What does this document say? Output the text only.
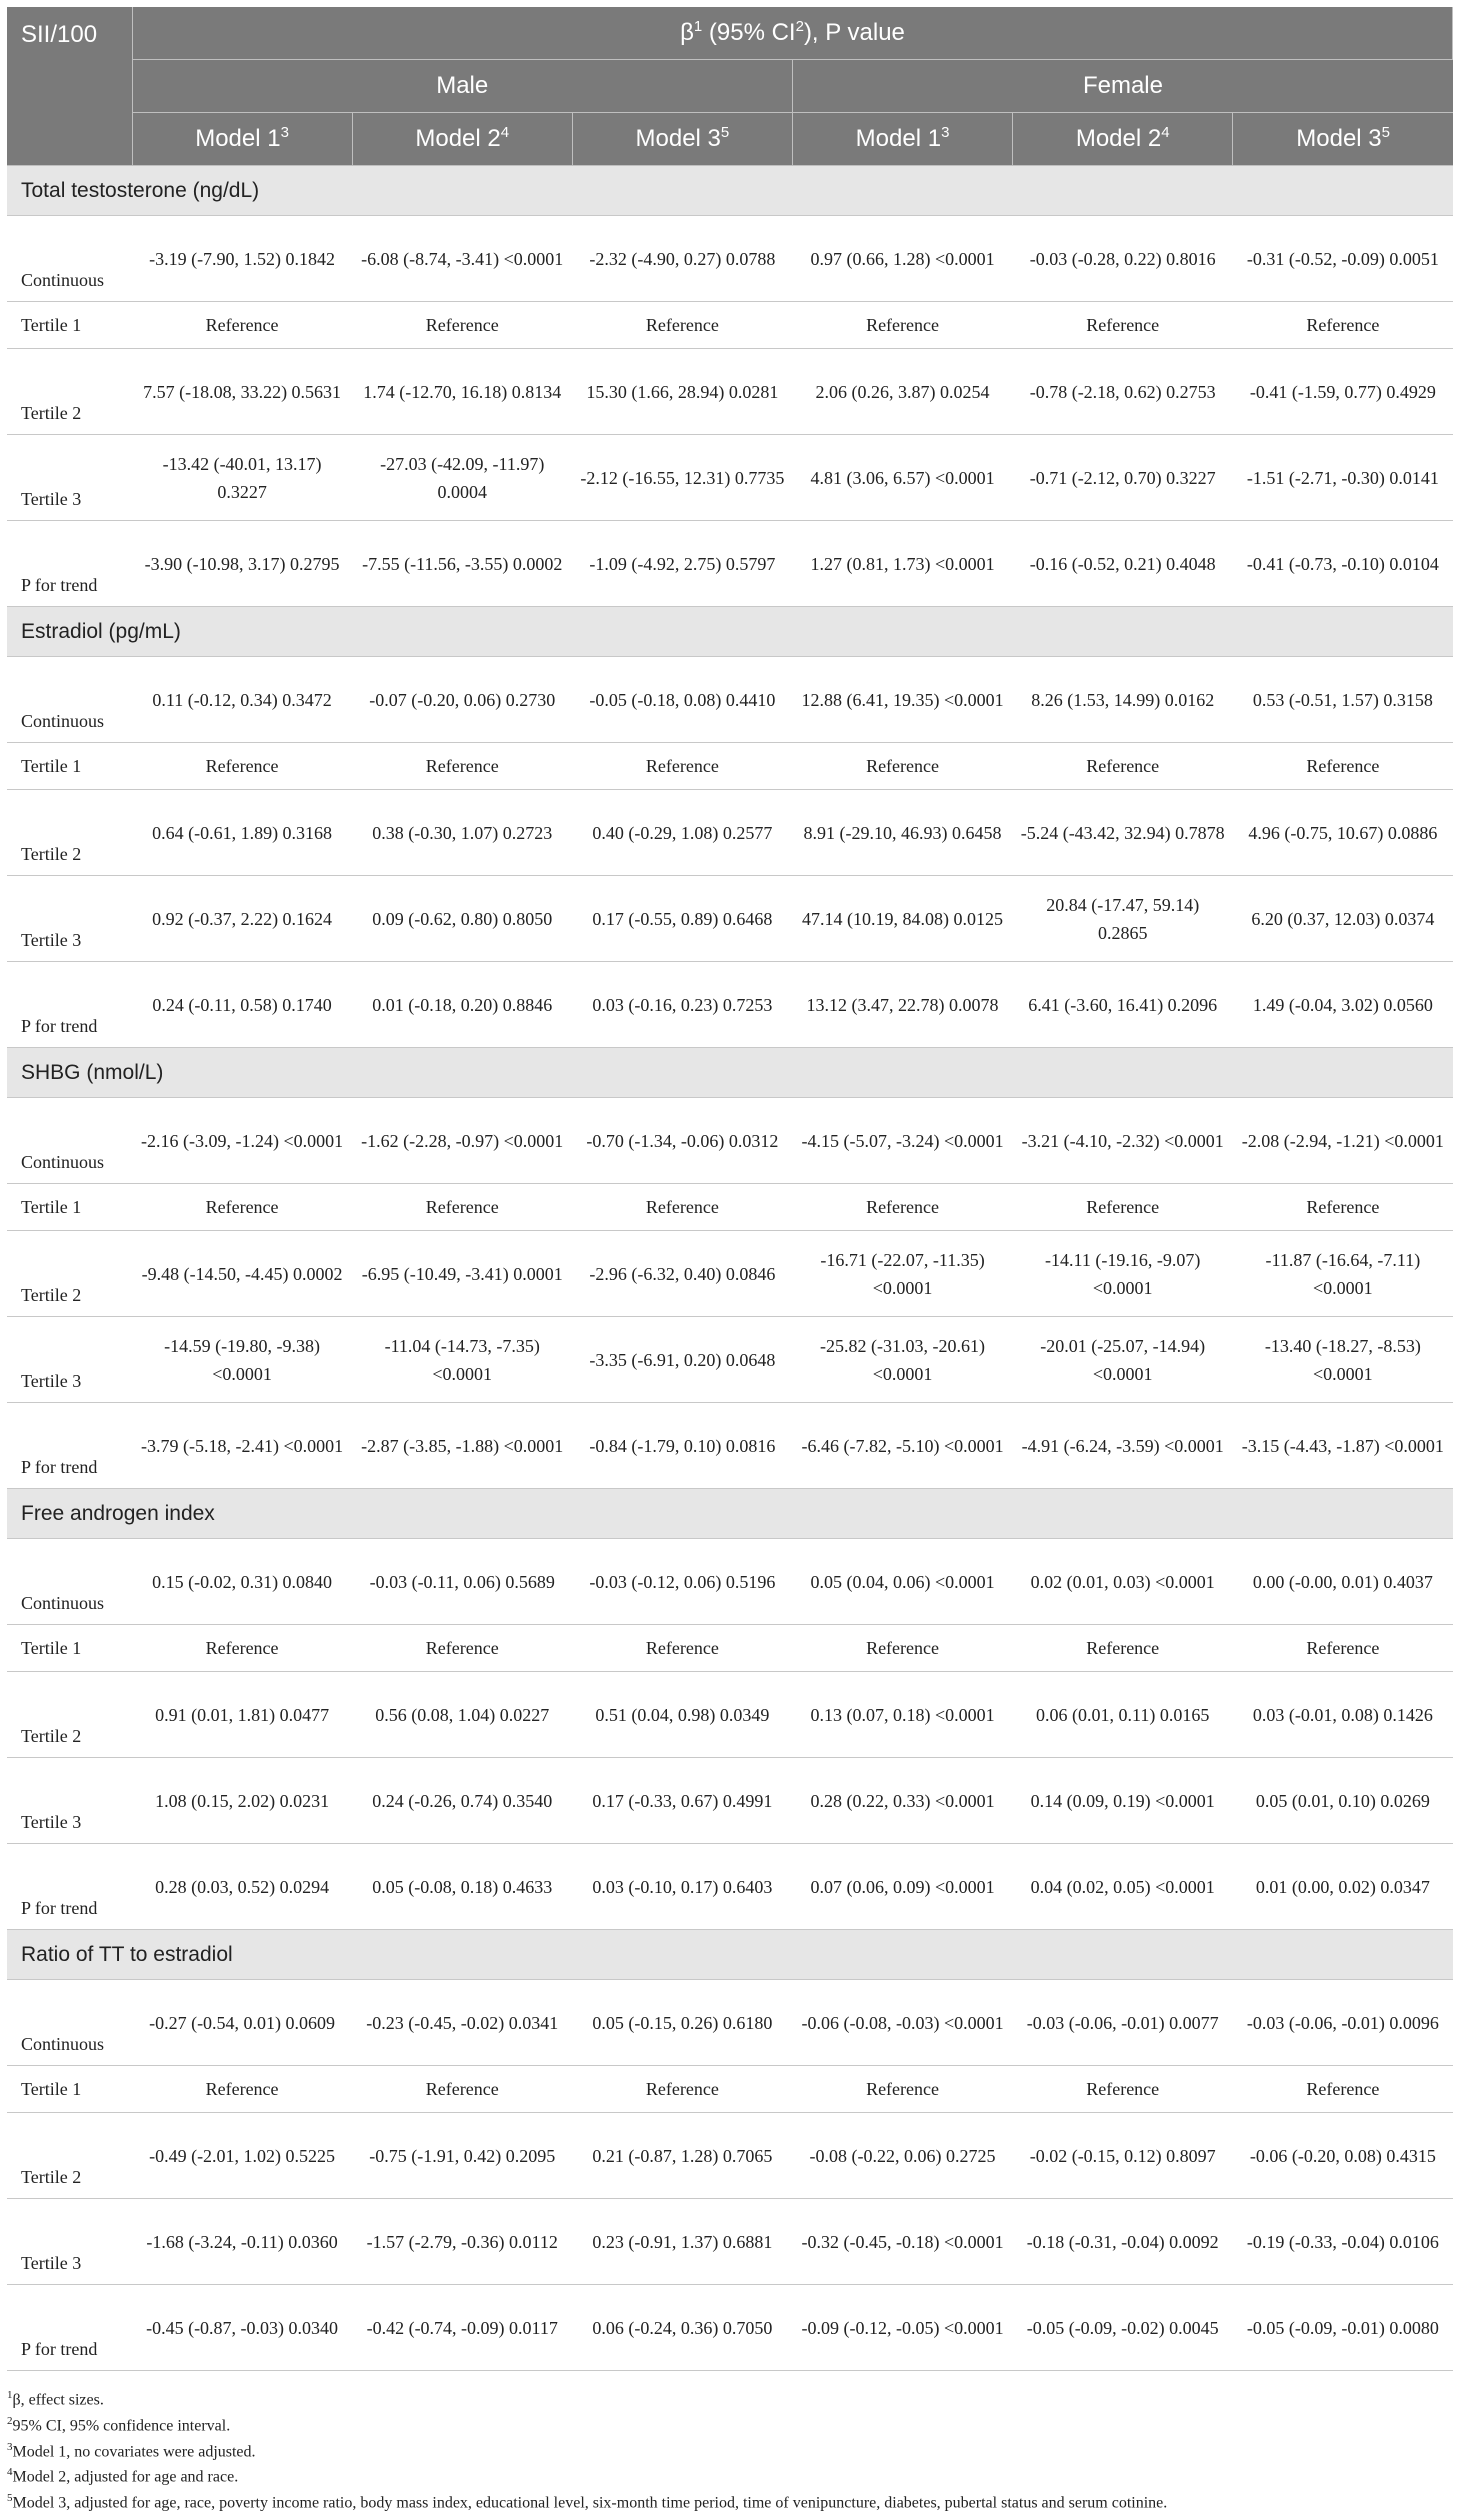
SII/100	$\beta^1$ (95% $CI^2$), P value					
	Male			Female		
	Model $1^3$	Model $2^4$	Model $3^5$	Model $1^3$	Model $2^4$	Model $3^5$
Total testosterone (ng/dL)						
Continuous	-3.19 (-7.90, 1.52) 0.1842	-6.08 (-8.74, -3.41) <0.0001	-2.32 (-4.90, 0.27) 0.0788	0.97 (0.66, 1.28) <0.0001	-0.03 (-0.28, 0.22) 0.8016	-0.31 (-0.52, -0.09) 0.0051
Tertile 1	Reference	Reference	Reference	Reference	Reference	Reference
Tertile 2	7.57 (-18.08, 33.22) 0.5631	1.74 (-12.70, 16.18) 0.8134	15.30 (1.66, 28.94) 0.0281	2.06 (0.26, 3.87) 0.0254	-0.78 (-2.18, 0.62) 0.2753	-0.41 (-1.59, 0.77) 0.4929
Tertile 3	-13.42 (-40.01, 13.17) 0.3227	-27.03 (-42.09, -11.97) 0.0004	-2.12 (-16.55, 12.31) 0.7735	4.81 (3.06, 6.57) <0.0001	-0.71 (-2.12, 0.70) 0.3227	-1.51 (-2.71, -0.30) 0.0141
P for trend	-3.90 (-10.98, 3.17) 0.2795	-7.55 (-11.56, -3.55) 0.0002	-1.09 (-4.92, 2.75) 0.5797	1.27 (0.81, 1.73) <0.0001	-0.16 (-0.52, 0.21) 0.4048	-0.41 (-0.73, -0.10) 0.0104
Estradiol (pg/mL)						
Continuous	0.11 (-0.12, 0.34) 0.3472	-0.07 (-0.20, 0.06) 0.2730	-0.05 (-0.18, 0.08) 0.4410	12.88 (6.41, 19.35) <0.0001	8.26 (1.53, 14.99) 0.0162	0.53 (-0.51, 1.57) 0.3158
Tertile 1	Reference	Reference	Reference	Reference	Reference	Reference
Tertile 2	0.64 (-0.61, 1.89) 0.3168	0.38 (-0.30, 1.07) 0.2723	0.40 (-0.29, 1.08) 0.2577	8.91 (-29.10, 46.93) 0.6458	-5.24 (-43.42, 32.94) 0.7878	4.96 (-0.75, 10.67) 0.0886
Tertile 3	0.92 (-0.37, 2.22) 0.1624	0.09 (-0.62, 0.80) 0.8050	0.17 (-0.55, 0.89) 0.6468	47.14 (10.19, 84.08) 0.0125	20.84 (-17.47, 59.14) 0.2865	6.20 (0.37, 12.03) 0.0374
P for trend	0.24 (-0.11, 0.58) 0.1740	0.01 (-0.18, 0.20) 0.8846	0.03 (-0.16, 0.23) 0.7253	13.12 (3.47, 22.78) 0.0078	6.41 (-3.60, 16.41) 0.2096	1.49 (-0.04, 3.02) 0.0560
SHBG (nmol/L)						
Continuous	-2.16 (-3.09, -1.24) <0.0001	-1.62 (-2.28, -0.97) <0.0001	-0.70 (-1.34, -0.06) 0.0312	-4.15 (-5.07, -3.24) <0.0001	-3.21 (-4.10, -2.32) <0.0001	-2.08 (-2.94, -1.21) <0.0001
Tertile 1	Reference	Reference	Reference	Reference	Reference	Reference
Tertile 2	-9.48 (-14.50, -4.45) 0.0002	-6.95 (-10.49, -3.41) 0.0001	-2.96 (-6.32, 0.40) 0.0846	-16.71 (-22.07, -11.35) <0.0001	-14.11 (-19.16, -9.07) <0.0001	-11.87 (-16.64, -7.11) <0.0001
Tertile 3	-14.59 (-19.80, -9.38) <0.0001	-11.04 (-14.73, -7.35) <0.0001	-3.35 (-6.91, 0.20) 0.0648	-25.82 (-31.03, -20.61) <0.0001	-20.01 (-25.07, -14.94) <0.0001	-13.40 (-18.27, -8.53) <0.0001
P for trend	-3.79 (-5.18, -2.41) <0.0001	-2.87 (-3.85, -1.88) <0.0001	-0.84 (-1.79, 0.10) 0.0816	-6.46 (-7.82, -5.10) <0.0001	-4.91 (-6.24, -3.59) <0.0001	-3.15 (-4.43, -1.87) <0.0001
Free androgen index						
Continuous	0.15 (-0.02, 0.31) 0.0840	-0.03 (-0.11, 0.06) 0.5689	-0.03 (-0.12, 0.06) 0.5196	0.05 (0.04, 0.06) <0.0001	0.02 (0.01, 0.03) <0.0001	0.00 (-0.00, 0.01) 0.4037
Tertile 1	Reference	Reference	Reference	Reference	Reference	Reference
Tertile 2	0.91 (0.01, 1.81) 0.0477	0.56 (0.08, 1.04) 0.0227	0.51 (0.04, 0.98) 0.0349	0.13 (0.07, 0.18) <0.0001	0.06 (0.01, 0.11) 0.0165	0.03 (-0.01, 0.08) 0.1426
Tertile 3	1.08 (0.15, 2.02) 0.0231	0.24 (-0.26, 0.74) 0.3540	0.17 (-0.33, 0.67) 0.4991	0.28 (0.22, 0.33) <0.0001	0.14 (0.09, 0.19) <0.0001	0.05 (0.01, 0.10) 0.0269
P for trend	0.28 (0.03, 0.52) 0.0294	0.05 (-0.08, 0.18) 0.4633	0.03 (-0.10, 0.17) 0.6403	0.07 (0.06, 0.09) <0.0001	0.04 (0.02, 0.05) <0.0001	0.01 (0.00, 0.02) 0.0347
Ratio of TT to estradiol						
Continuous	-0.27 (-0.54, 0.01) 0.0609	-0.23 (-0.45, -0.02) 0.0341	0.05 (-0.15, 0.26) 0.6180	-0.06 (-0.08, -0.03) <0.0001	-0.03 (-0.06, -0.01) 0.0077	-0.03 (-0.06, -0.01) 0.0096
Tertile 1	Reference	Reference	Reference	Reference	Reference	Reference
Tertile 2	-0.49 (-2.01, 1.02) 0.5225	-0.75 (-1.91, 0.42) 0.2095	0.21 (-0.87, 1.28) 0.7065	-0.08 (-0.22, 0.06) 0.2725	-0.02 (-0.15, 0.12) 0.8097	-0.06 (-0.20, 0.08) 0.4315
Tertile 3	-1.68 (-3.24, -0.11) 0.0360	-1.57 (-2.79, -0.36) 0.0112	0.23 (-0.91, 1.37) 0.6881	-0.32 (-0.45, -0.18) <0.0001	-0.18 (-0.31, -0.04) 0.0092	-0.19 (-0.33, -0.04) 0.0106
P for trend	-0.45 (-0.87, -0.03) 0.0340	-0.42 (-0.74, -0.09) 0.0117	0.06 (-0.24, 0.36) 0.7050	-0.09 (-0.12, -0.05) <0.0001	-0.05 (-0.09, -0.02) 0.0045	-0.05 (-0.09, -0.01) 0.0080
$^1$β, effect sizes.
$^2$95% CI, 95% confidence interval.
$^3$Model 1, no covariates were adjusted.
$^4$Model 2, adjusted for age and race.
$^5$Model 3, adjusted for age, race, poverty income ratio, body mass index, educational level, six-month time period, time of venipuncture, diabetes, pubertal status and serum cotinine.
